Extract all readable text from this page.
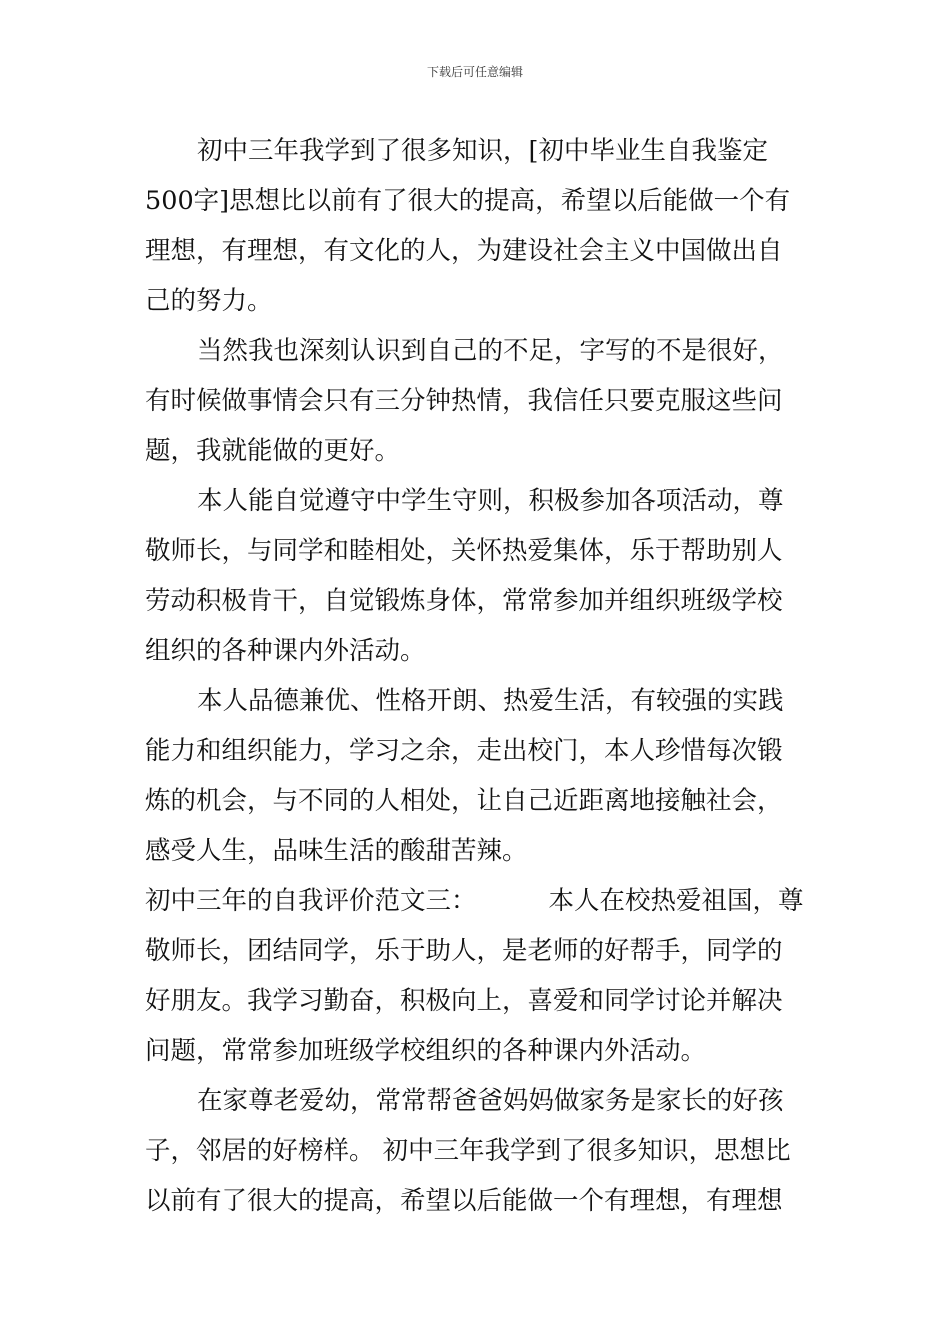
下载后可任意编辑
初中三年我学到了很多知识，[初中毕业生自我鉴定
500字]思想比以前有了很大的提高，希望以后能做一个有
理想，有理想，有文化的人，为建设社会主义中国做出自
己的努力。
当然我也深刻认识到自己的不足，字写的不是很好，
有时候做事情会只有三分钟热情，我信任只要克服这些问
题，我就能做的更好。
本人能自觉遵守中学生守则，积极参加各项活动，尊
敬师长，与同学和睦相处，关怀热爱集体，乐于帮助别人
劳动积极肯干，自觉锻炼身体，常常参加并组织班级学校
组织的各种课内外活动。
本人品德兼优、性格开朗、热爱生活，有较强的实践
能力和组织能力，学习之余，走出校门，本人珍惜每次锻
炼的机会，与不同的人相处，让自己近距离地接触社会，
感受人生，品味生活的酸甜苦辣。
初中三年的自我评价范文三：	本人在校热爱祖国，尊
敬师长，团结同学，乐于助人，是老师的好帮手，同学的
好朋友。我学习勤奋，积极向上，喜爱和同学讨论并解决
问题，常常参加班级学校组织的各种课内外活动。
在家尊老爱幼，常常帮爸爸妈妈做家务是家长的好孩
子，邻居的好榜样。 初中三年我学到了很多知识，思想比
以前有了很大的提高，希望以后能做一个有理想，有理想
